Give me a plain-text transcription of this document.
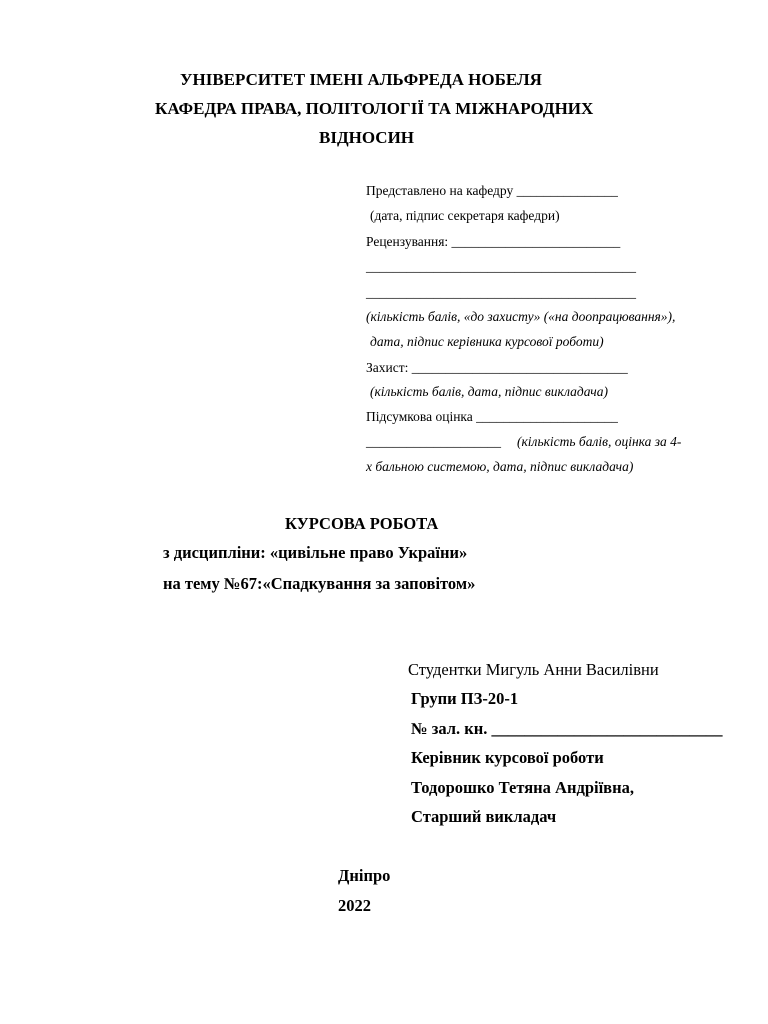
УНІВЕРСИТЕТ ІМЕНІ АЛЬФРЕДА НОБЕЛЯ
КАФЕДРА ПРАВА, ПОЛІТОЛОГІЇ ТА МІЖНАРОДНИХ
ВІДНОСИН
Представлено на кафедру _______________
(дата, підпис секретаря кафедри)
Рецензування: _________________________
________________________________________
________________________________________
(кількість балів, «до захисту» («на доопрацювання»),
дата, підпис керівника курсової роботи)
Захист: ________________________________
(кількість балів, дата, підпис викладача)
Підсумкова оцінка _____________________
____________________ (кількість балів, оцінка за 4-
х бальною системою, дата, підпис викладача)
КУРСОВА РОБОТА
з дисципліни: «цивільне право України»
на тему №67:«Спадкування за заповітом»
Студентки Мигуль Анни Василівни
Групи ПЗ-20-1
№ зал. кн. ____________________________
Керівник курсової роботи
Тодорошко Тетяна Андріївна,
Старший викладач
Дніпро
2022
